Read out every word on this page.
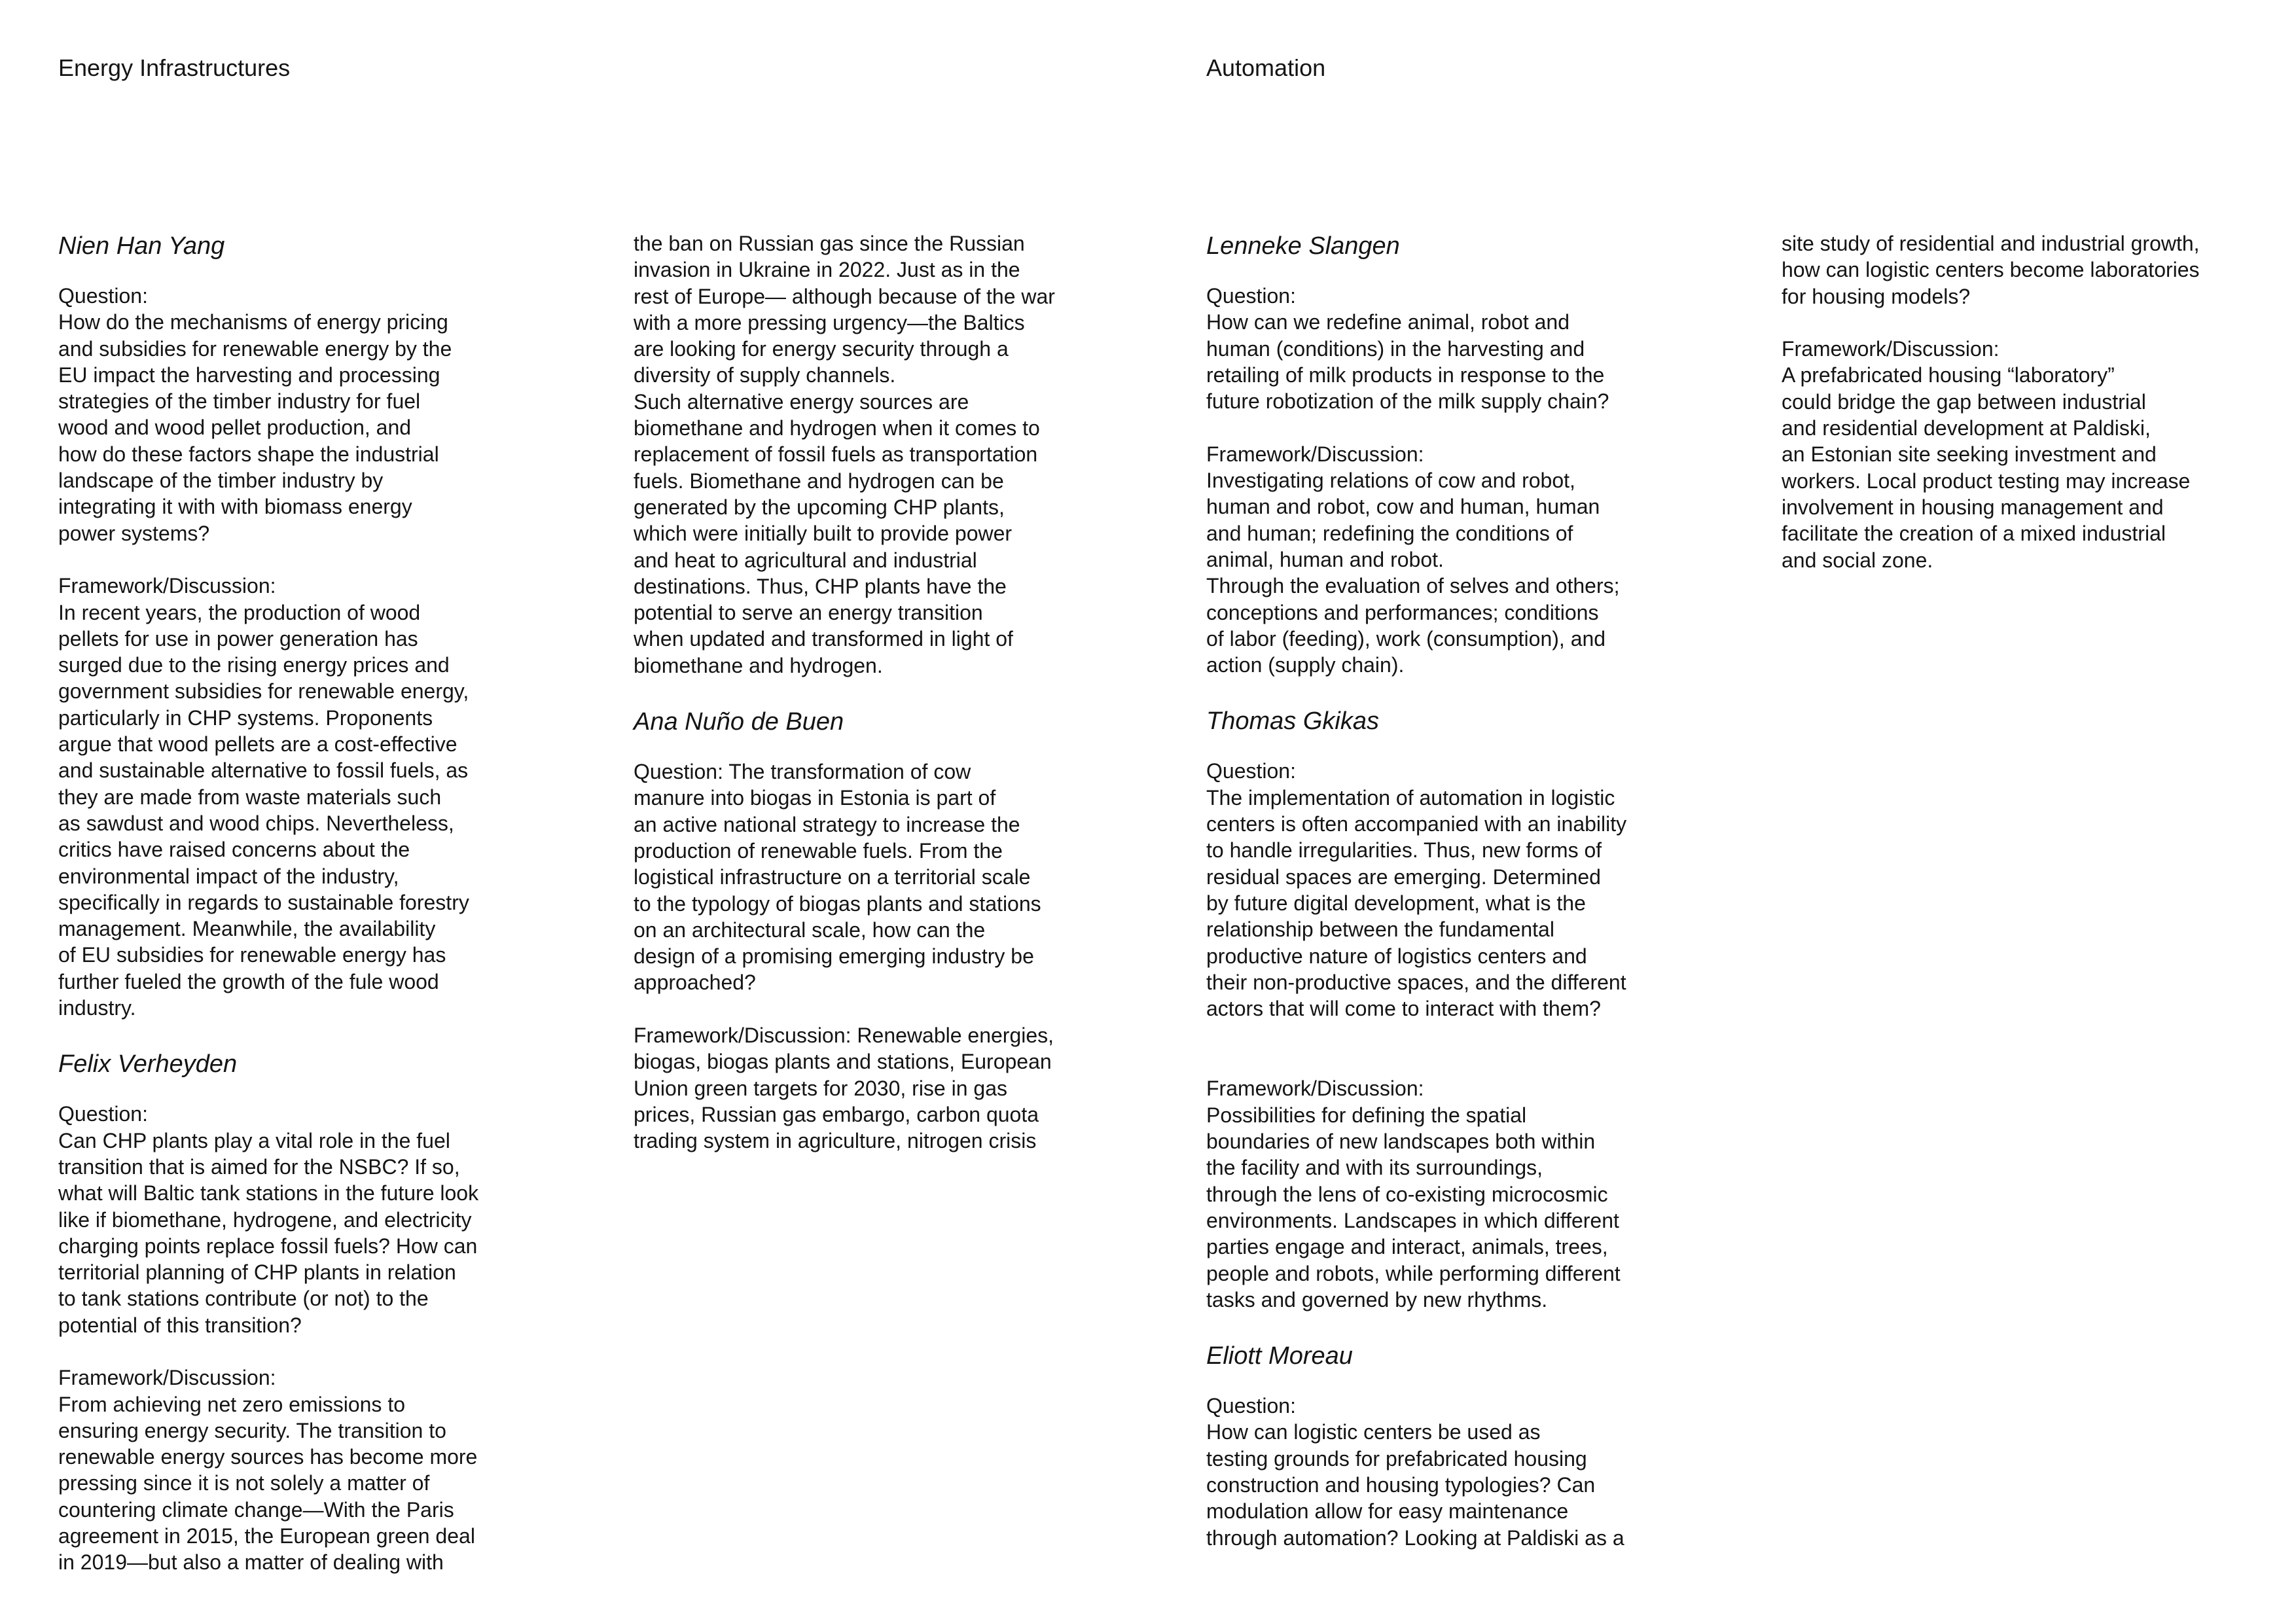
Energy Infrastructures	Automation
Nien Han Yang

Question:

How do the mechanisms of energy pricing
and subsidies for renewable energy by the
EU impact the harvesting and processing
strategies of the timber industry for fuel
wood and wood pellet production, and
how do these factors shape the industrial
landscape of the timber industry by
integrating it with with biomass energy
power systems?

Framework/Discussion:

In recent years, the production of wood
pellets for use in power generation has
surged due to the rising energy prices and
government subsidies for renewable energy,
particularly in CHP systems. Proponents
argue that wood pellets are a cost-effective
and sustainable alternative to fossil fuels, as
they are made from waste materials such
as sawdust and wood chips. Nevertheless,
critics have raised concerns about the
environmental impact of the industry,
specifically in regards to sustainable forestry
management. Meanwhile, the availability
of EU subsidies for renewable energy has
further fueled the growth of the fule wood
industry.

Felix Verheyden

Question:

Can CHP plants play a vital role in the fuel
transition that is aimed for the NSBC? If so,
what will Baltic tank stations in the future look
like if biomethane, hydrogene, and electricity
charging points replace fossil fuels? How can
territorial planning of CHP plants in relation
to tank stations contribute (or not) to the
potential of this transition?

Framework/Discussion:

From achieving net zero emissions to
ensuring energy security. The transition to
renewable energy sources has become more
pressing since it is not solely a matter of
countering climate change—With the Paris
agreement in 2015, the European green deal
in 2019—but also a matter of dealing with

the ban on Russian gas since the Russian
invasion in Ukraine in 2022. Just as in the
rest of Europe— although because of the war
with a more pressing urgency—the Baltics
are looking for energy security through a
diversity of supply channels.
Such alternative energy sources are
biomethane and hydrogen when it comes to
replacement of fossil fuels as transportation
fuels. Biomethane and hydrogen can be
generated by the upcoming CHP plants,
which were initially built to provide power
and heat to agricultural and industrial
destinations. Thus, CHP plants have the
potential to serve an energy transition
when updated and transformed in light of
biomethane and hydrogen.

Ana Nuño de Buen

Question: The transformation of cow
manure into biogas in Estonia is part of
an active national strategy to increase the
production of renewable fuels. From the
logistical infrastructure on a territorial scale
to the typology of biogas plants and stations
on an architectural scale, how can the
design of a promising emerging industry be
approached?

Framework/Discussion: Renewable energies,
biogas, biogas plants and stations, European
Union green targets for 2030, rise in gas
prices, Russian gas embargo, carbon quota
trading system in agriculture, nitrogen crisis

Lenneke Slangen

Question:

How can we redefine animal, robot and
human (conditions) in the harvesting and
retailing of milk products in response to the
future robotization of the milk supply chain?

Framework/Discussion:

Investigating relations of cow and robot,
human and robot, cow and human, human
and human; redefining the conditions of
animal, human and robot.
Through the evaluation of selves and others;
conceptions and performances; conditions
of labor (feeding), work (consumption), and
action (supply chain).

Thomas Gkikas

Question:

The implementation of automation in logistic
centers is often accompanied with an inability
to handle irregularities. Thus, new forms of
residual spaces are emerging. Determined
by future digital development, what is the
relationship between the fundamental
productive nature of logistics centers and
their non-productive spaces, and the different
actors that will come to interact with them?

Framework/Discussion:

Possibilities for defining the spatial
boundaries of new landscapes both within
the facility and with its surroundings,
through the lens of co-existing microcosmic
environments. Landscapes in which different
parties engage and interact, animals, trees,
people and robots, while performing different
tasks and governed by new rhythms.

Eliott Moreau

Question:

How can logistic centers be used as
testing grounds for prefabricated housing
construction and housing typologies? Can
modulation allow for easy maintenance
through automation? Looking at Paldiski as a

site study of residential and industrial growth,
how can logistic centers become laboratories
for housing models?

Framework/Discussion:

A prefabricated housing “laboratory”
could bridge the gap between industrial
and residential development at Paldiski,
an Estonian site seeking investment and
workers. Local product testing may increase
involvement in housing management and
facilitate the creation of a mixed industrial
and social zone.
